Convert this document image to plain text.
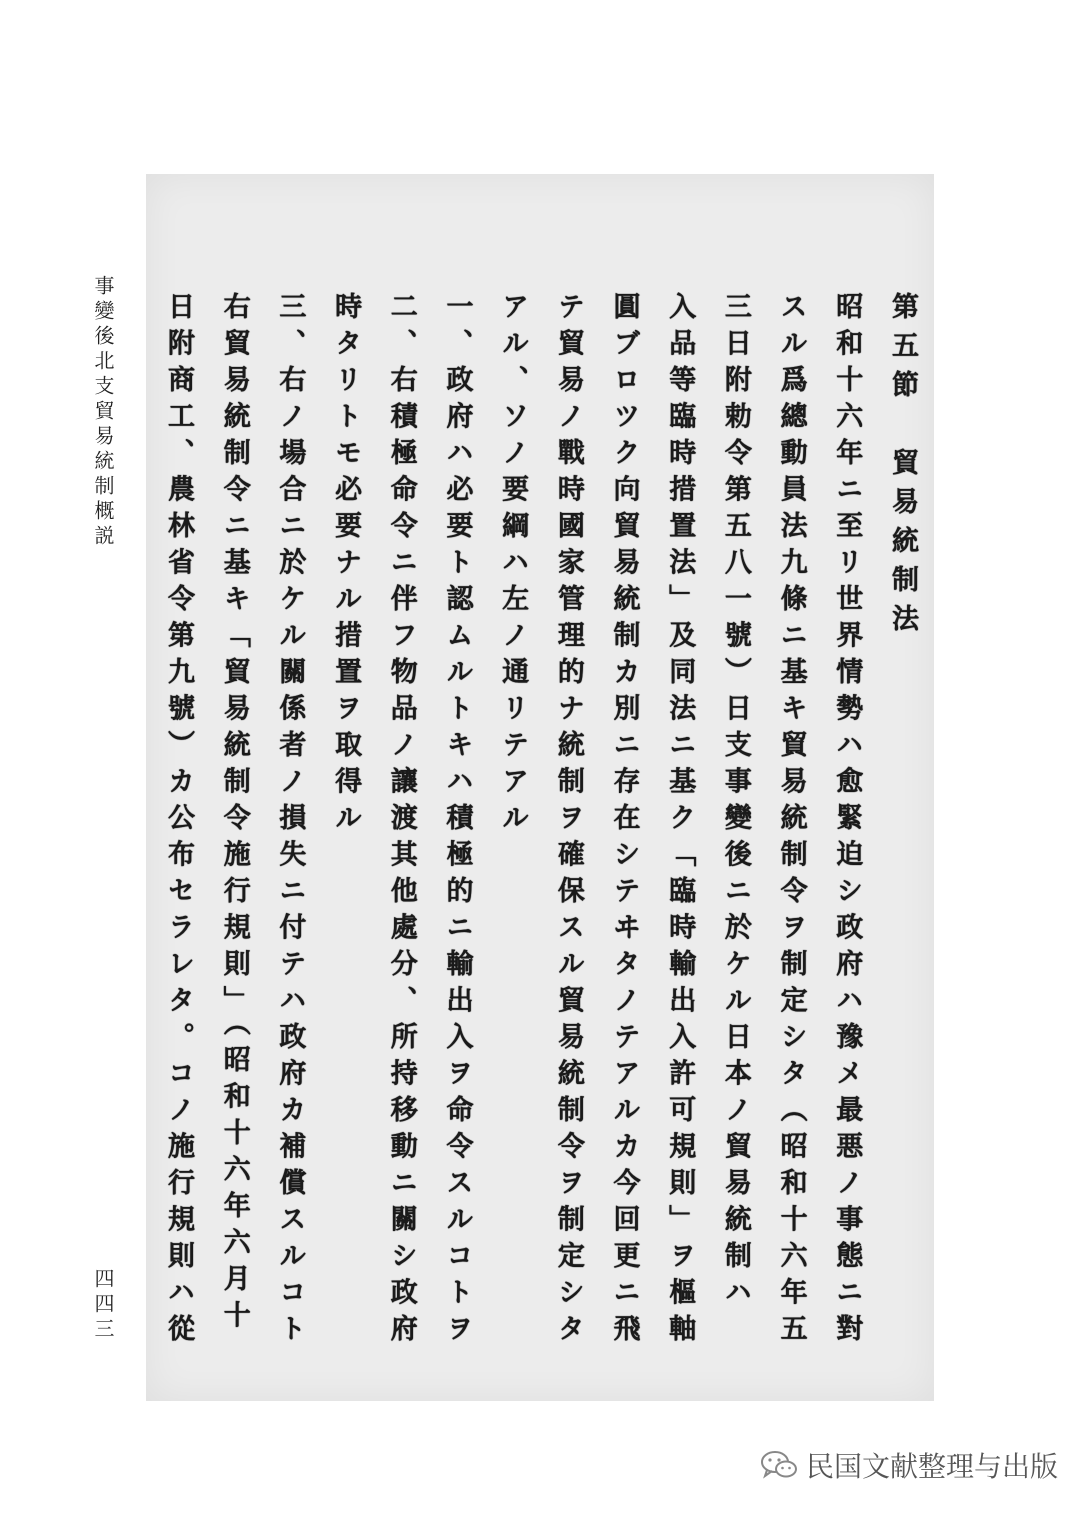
事變後北支貿易統制概説
四四三
第五節　貿易統制法
昭和十六年ニ至リ世界情勢ハ愈緊迫シ政府ハ豫メ最悪ノ事態ニ對
スル爲總動員法九條ニ基キ貿易統制令ヲ制定シタ（昭和十六年五
三日附勅令第五八一號）日支事變後ニ於ケル日本ノ貿易統制ハ
入品等臨時措置法」及同法ニ基ク「臨時輸出入許可規則」ヲ樞軸
圓ブロツク向貿易統制カ別ニ存在シテヰタノテアルカ今回更ニ飛
テ貿易ノ戰時國家管理的ナ統制ヲ確保スル貿易統制令ヲ制定シタ
アル、ソノ要綱ハ左ノ通リテアル
一、政府ハ必要ト認ムルトキハ積極的ニ輸出入ヲ命令スルコトヲ
二、右積極命令ニ伴フ物品ノ讓渡其他處分、所持移動ニ關シ政府
時タリトモ必要ナル措置ヲ取得ル
三、右ノ場合ニ於ケル關係者ノ損失ニ付テハ政府カ補償スルコト
右貿易統制令ニ基キ「貿易統制令施行規則」（昭和十六年六月十
日附商工、農林省令第九號）カ公布セラレタ。コノ施行規則ハ從
民国文献整理与出版
